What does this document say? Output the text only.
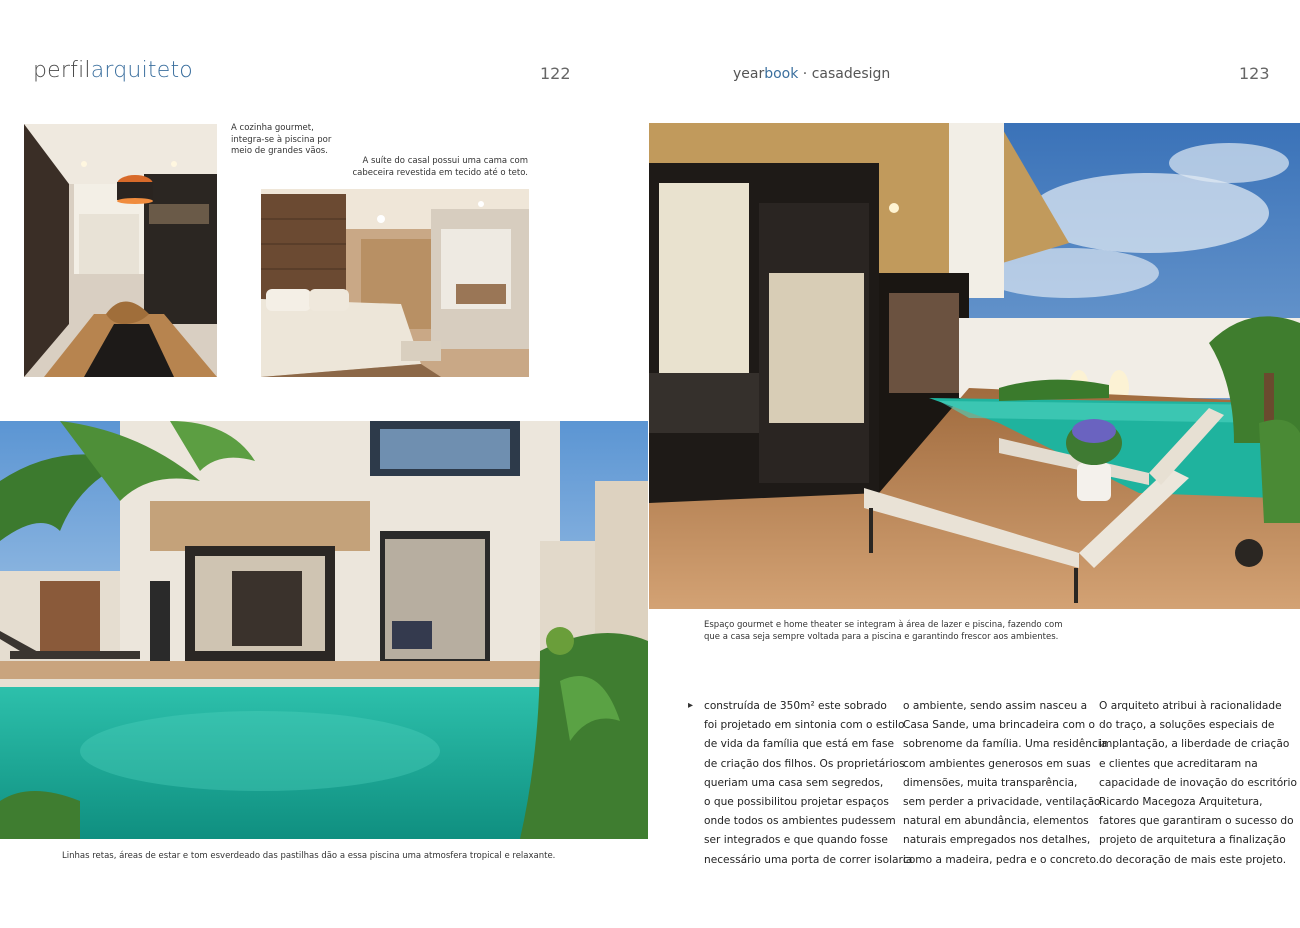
perfilarquiteto	122	yearbook · casadesign	123
A cozinha gourmet,
integra-se à piscina por
meio de grandes vãos.
A suíte do casal possui uma cama com
cabeceira revestida em tecido até o teto.
Linhas retas, áreas de estar e tom esverdeado das pastilhas dão a essa piscina uma atmosfera tropical e relaxante.
Espaço gourmet e home theater se integram à área de lazer e piscina, fazendo com
que a casa seja sempre voltada para a piscina e garantindo frescor aos ambientes.
▸ construída de 350m² este sobrado
foi projetado em sintonia com o estilo
de vida da família que está em fase
de criação dos filhos. Os proprietários
queriam uma casa sem segredos,
o que possibilitou projetar espaços
onde todos os ambientes pudessem
ser integrados e que quando fosse
necessário uma porta de correr isolaria
o ambiente, sendo assim nasceu a
Casa Sande, uma brincadeira com o
sobrenome da família. Uma residência
com ambientes generosos em suas
dimensões, muita transparência,
sem perder a privacidade, ventilação
natural em abundância, elementos
naturais empregados nos detalhes,
como a madeira, pedra e o concreto.
O arquiteto atribui à racionalidade
do traço, a soluções especiais de
implantação, a liberdade de criação
e clientes que acreditaram na
capacidade de inovação do escritório
Ricardo Macegoza Arquitetura,
fatores que garantiram o sucesso do
projeto de arquitetura a finalização
do decoração de mais este projeto.
